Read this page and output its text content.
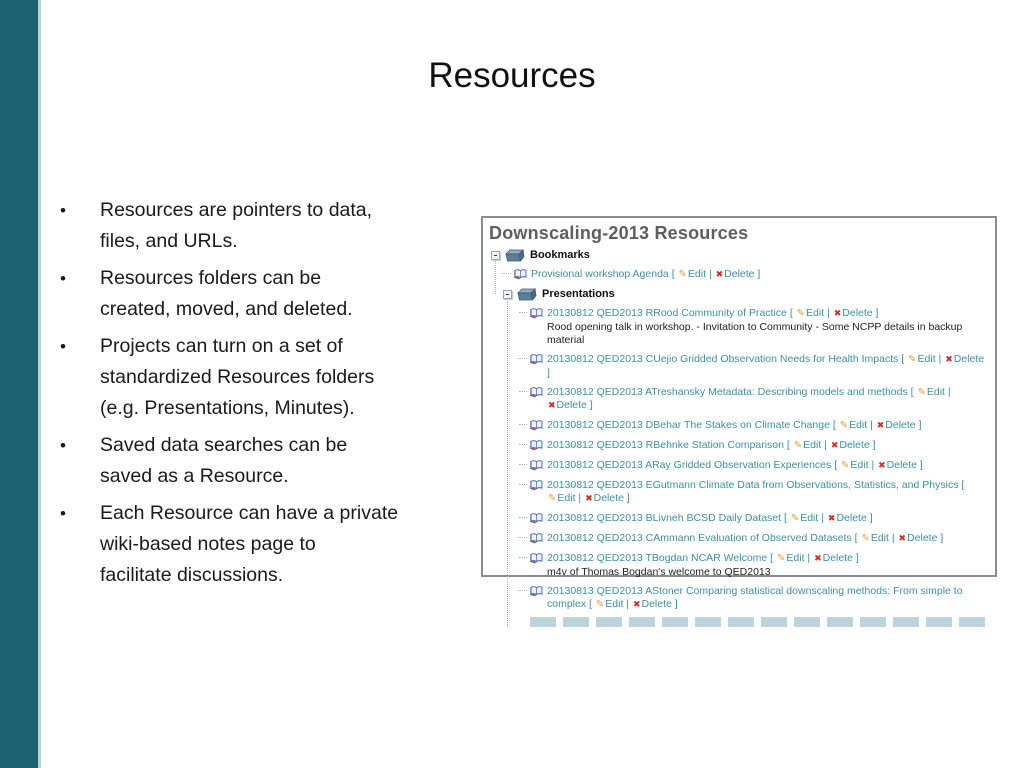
Resources
•	Resources are pointers to data,
files, and URLs.
•	Resources folders can be
created, moved, and deleted.
•	Projects can turn on a set of
standardized Resources folders
(e.g. Presentations, Minutes).
•	Saved data searches can be
saved as a Resource.
•	Each Resource can have a private
wiki-based notes page to
facilitate discussions.
Downscaling-2013 Resources
Bookmarks
Provisional workshop Agenda [ ✎Edit | ✖Delete ]
Presentations
20130812 QED2013 RRood Community of Practice [ ✎Edit | ✖Delete ]
Rood opening talk in workshop. - Invitation to Community - Some NCPP details in backup material
20130812 QED2013 CUejio Gridded Observation Needs for Health Impacts [ ✎Edit | ✖Delete ]
20130812 QED2013 ATreshansky Metadata: Describing models and methods [ ✎Edit | ✖Delete ]
20130812 QED2013 DBehar The Stakes on Climate Change [ ✎Edit | ✖Delete ]
20130812 QED2013 RBehnke Station Comparison [ ✎Edit | ✖Delete ]
20130812 QED2013 ARay Gridded Observation Experiences [ ✎Edit | ✖Delete ]
20130812 QED2013 EGutmann Climate Data from Observations, Statistics, and Physics [ ✎Edit | ✖Delete ]
20130812 QED2013 BLivneh BCSD Daily Dataset [ ✎Edit | ✖Delete ]
20130812 QED2013 CAmmann Evaluation of Observed Datasets [ ✎Edit | ✖Delete ]
20130812 QED2013 TBogdan NCAR Welcome [ ✎Edit | ✖Delete ]
m4v of Thomas Bogdan's welcome to QED2013
20130813 QED2013 AStoner Comparing statistical downscaling methods: From simple to complex [ ✎Edit | ✖Delete ]
